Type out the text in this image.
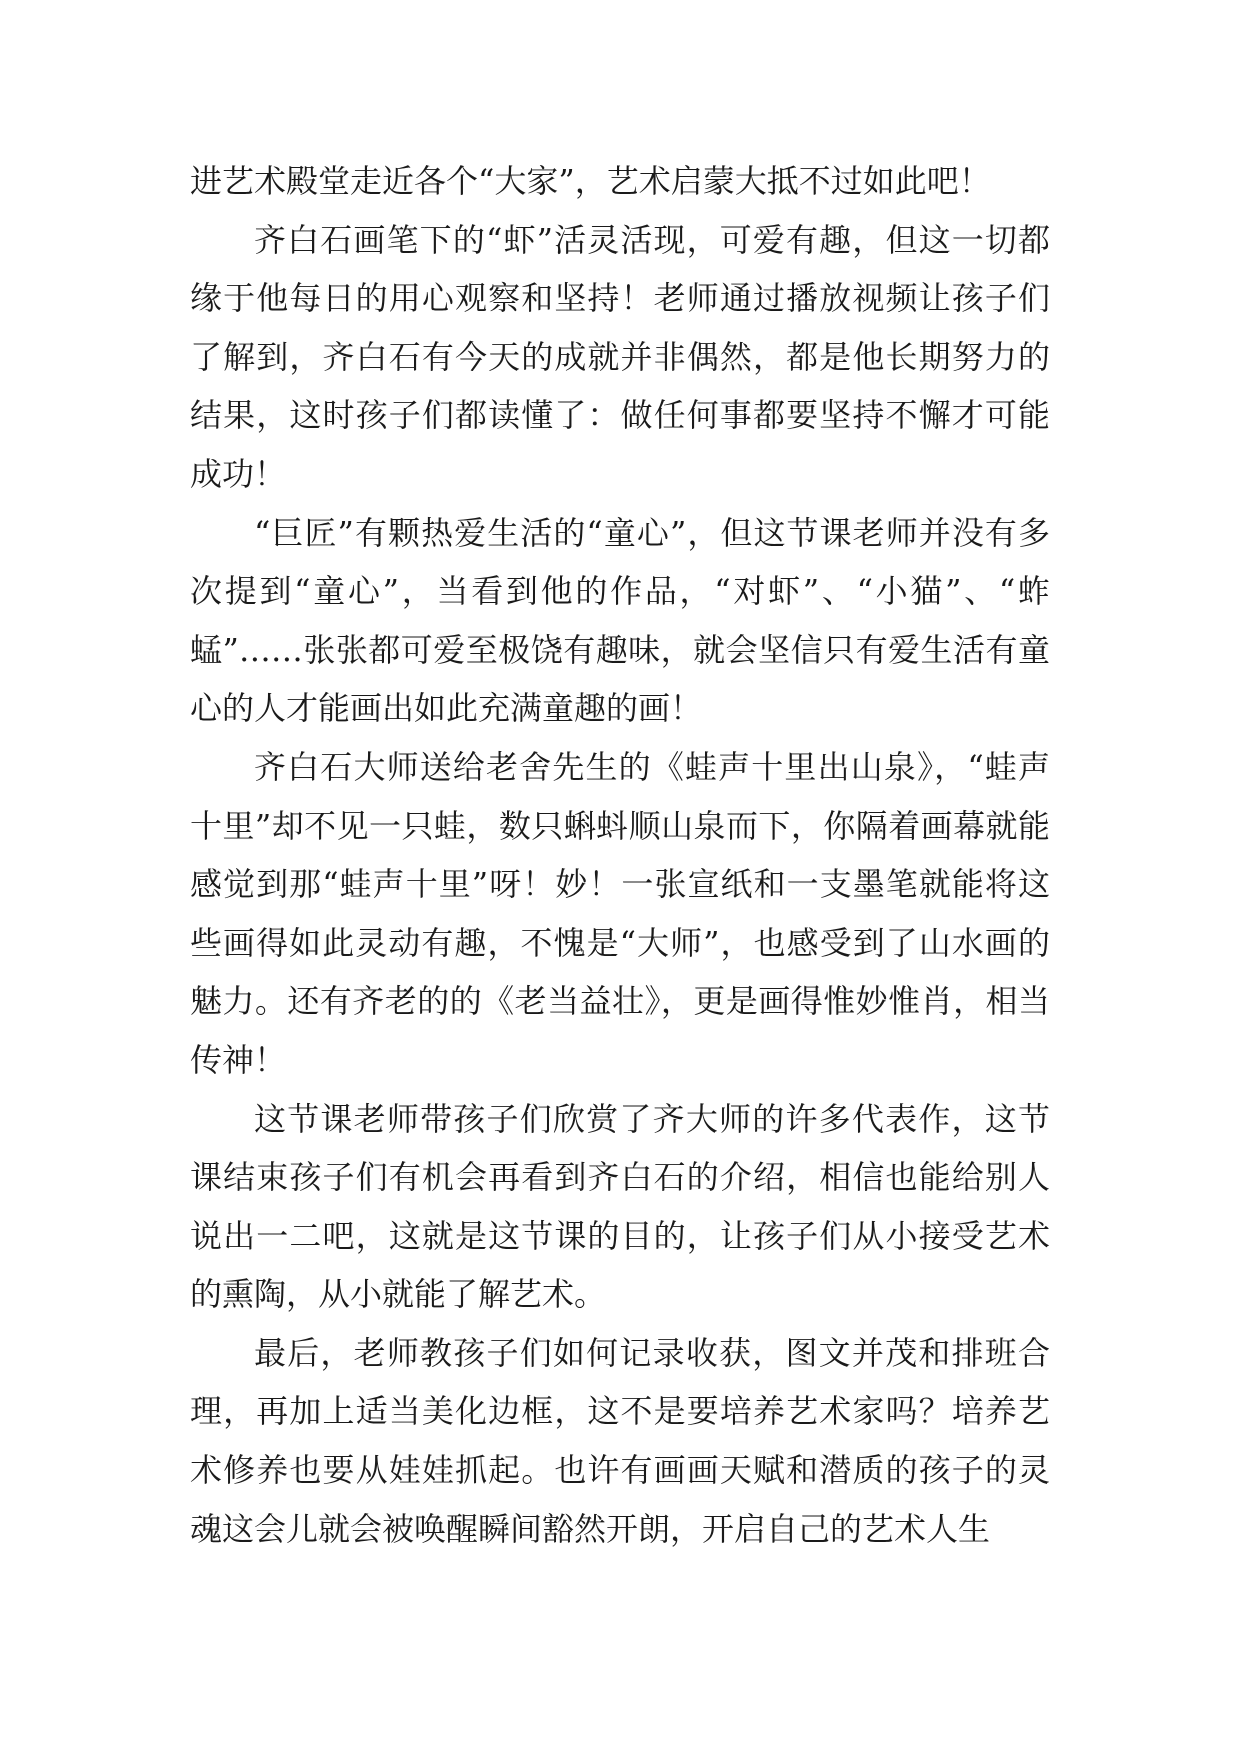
进艺术殿堂走近各个“大家”，艺术启蒙大抵不过如此吧！

齐白石画笔下的“虾”活灵活现，可爱有趣，但这一切都缘于他每日的用心观察和坚持！老师通过播放视频让孩子们了解到，齐白石有今天的成就并非偶然，都是他长期努力的结果，这时孩子们都读懂了：做任何事都要坚持不懈才可能成功！

“巨匠”有颗热爱生活的“童心”，但这节课老师并没有多次提到“童心”，当看到他的作品，“对虾”、“小猫”、“蚱蜢”……张张都可爱至极饶有趣味，就会坚信只有爱生活有童心的人才能画出如此充满童趣的画！

齐白石大师送给老舍先生的《蛙声十里出山泉》，“蛙声十里”却不见一只蛙，数只蝌蚪顺山泉而下，你隔着画幕就能感觉到那“蛙声十里”呀！妙！一张宣纸和一支墨笔就能将这些画得如此灵动有趣，不愧是“大师”，也感受到了山水画的魅力。还有齐老的的《老当益壮》，更是画得惟妙惟肖，相当传神！

这节课老师带孩子们欣赏了齐大师的许多代表作，这节课结束孩子们有机会再看到齐白石的介绍，相信也能给别人说出一二吧，这就是这节课的目的，让孩子们从小接受艺术的熏陶，从小就能了解艺术。

最后，老师教孩子们如何记录收获，图文并茂和排班合理，再加上适当美化边框，这不是要培养艺术家吗？培养艺术修养也要从娃娃抓起。也许有画画天赋和潜质的孩子的灵魂这会儿就会被唤醒瞬间豁然开朗，开启自己的艺术人生
